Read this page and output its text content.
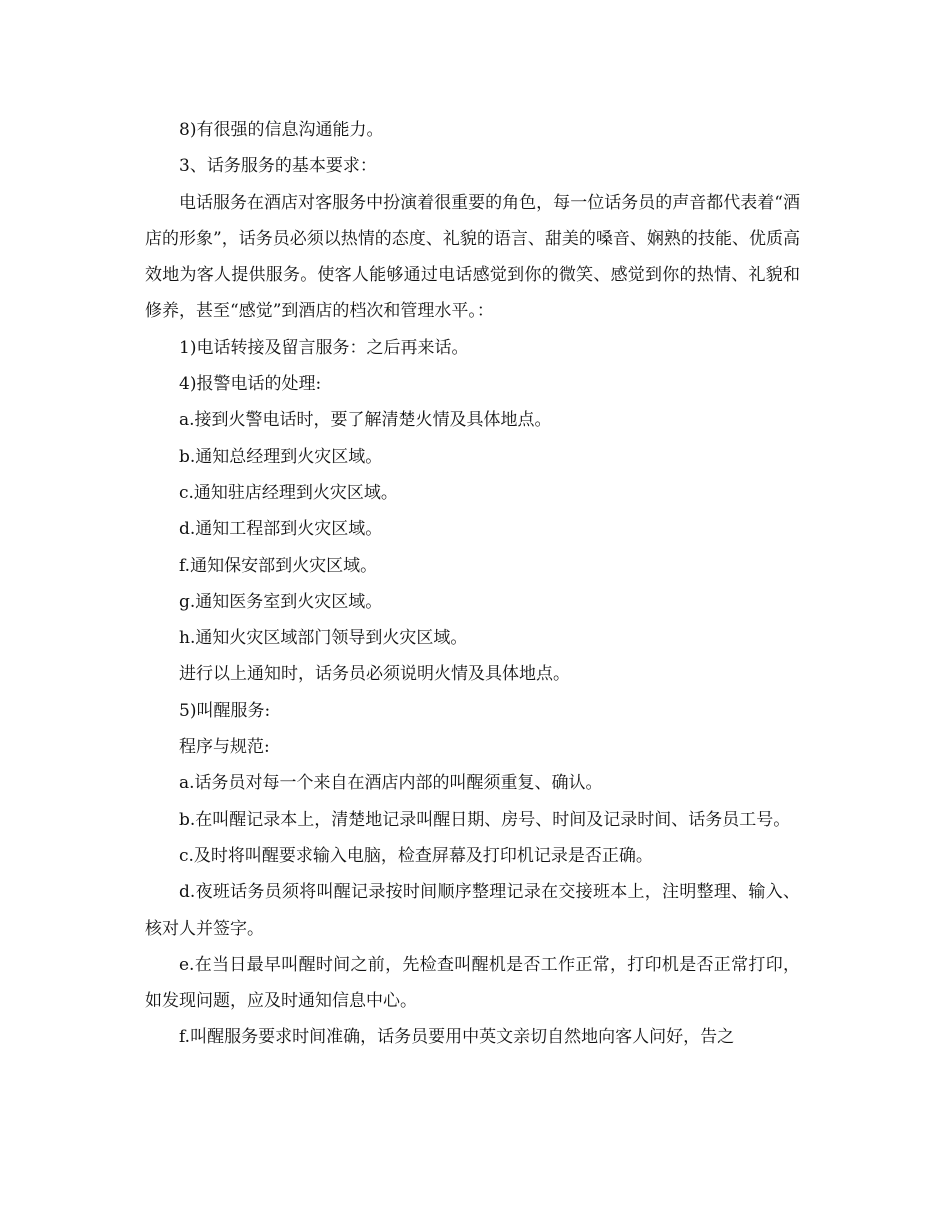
8)有很强的信息沟通能力。

3、话务服务的基本要求：

电话服务在酒店对客服务中扮演着很重要的角色，每一位话务员的声音都代表着“酒店的形象”，话务员必须以热情的态度、礼貌的语言、甜美的嗓音、娴熟的技能、优质高效地为客人提供服务。使客人能够通过电话感觉到你的微笑、感觉到你的热情、礼貌和修养，甚至“感觉”到酒店的档次和管理水平。：

1)电话转接及留言服务：之后再来话。

4)报警电话的处理:

a.接到火警电话时，要了解清楚火情及具体地点。

b.通知总经理到火灾区域。

c.通知驻店经理到火灾区域。

d.通知工程部到火灾区域。

f.通知保安部到火灾区域。

g.通知医务室到火灾区域。

h.通知火灾区域部门领导到火灾区域。

进行以上通知时，话务员必须说明火情及具体地点。

5)叫醒服务:

程序与规范:

a.话务员对每一个来自在酒店内部的叫醒须重复、确认。

b.在叫醒记录本上，清楚地记录叫醒日期、房号、时间及记录时间、话务员工号。

c.及时将叫醒要求输入电脑，检查屏幕及打印机记录是否正确。

d.夜班话务员须将叫醒记录按时间顺序整理记录在交接班本上，注明整理、输入、核对人并签字。

e.在当日最早叫醒时间之前，先检查叫醒机是否工作正常，打印机是否正常打印，如发现问题，应及时通知信息中心。

f.叫醒服务要求时间准确，话务员要用中英文亲切自然地向客人问好，告之
